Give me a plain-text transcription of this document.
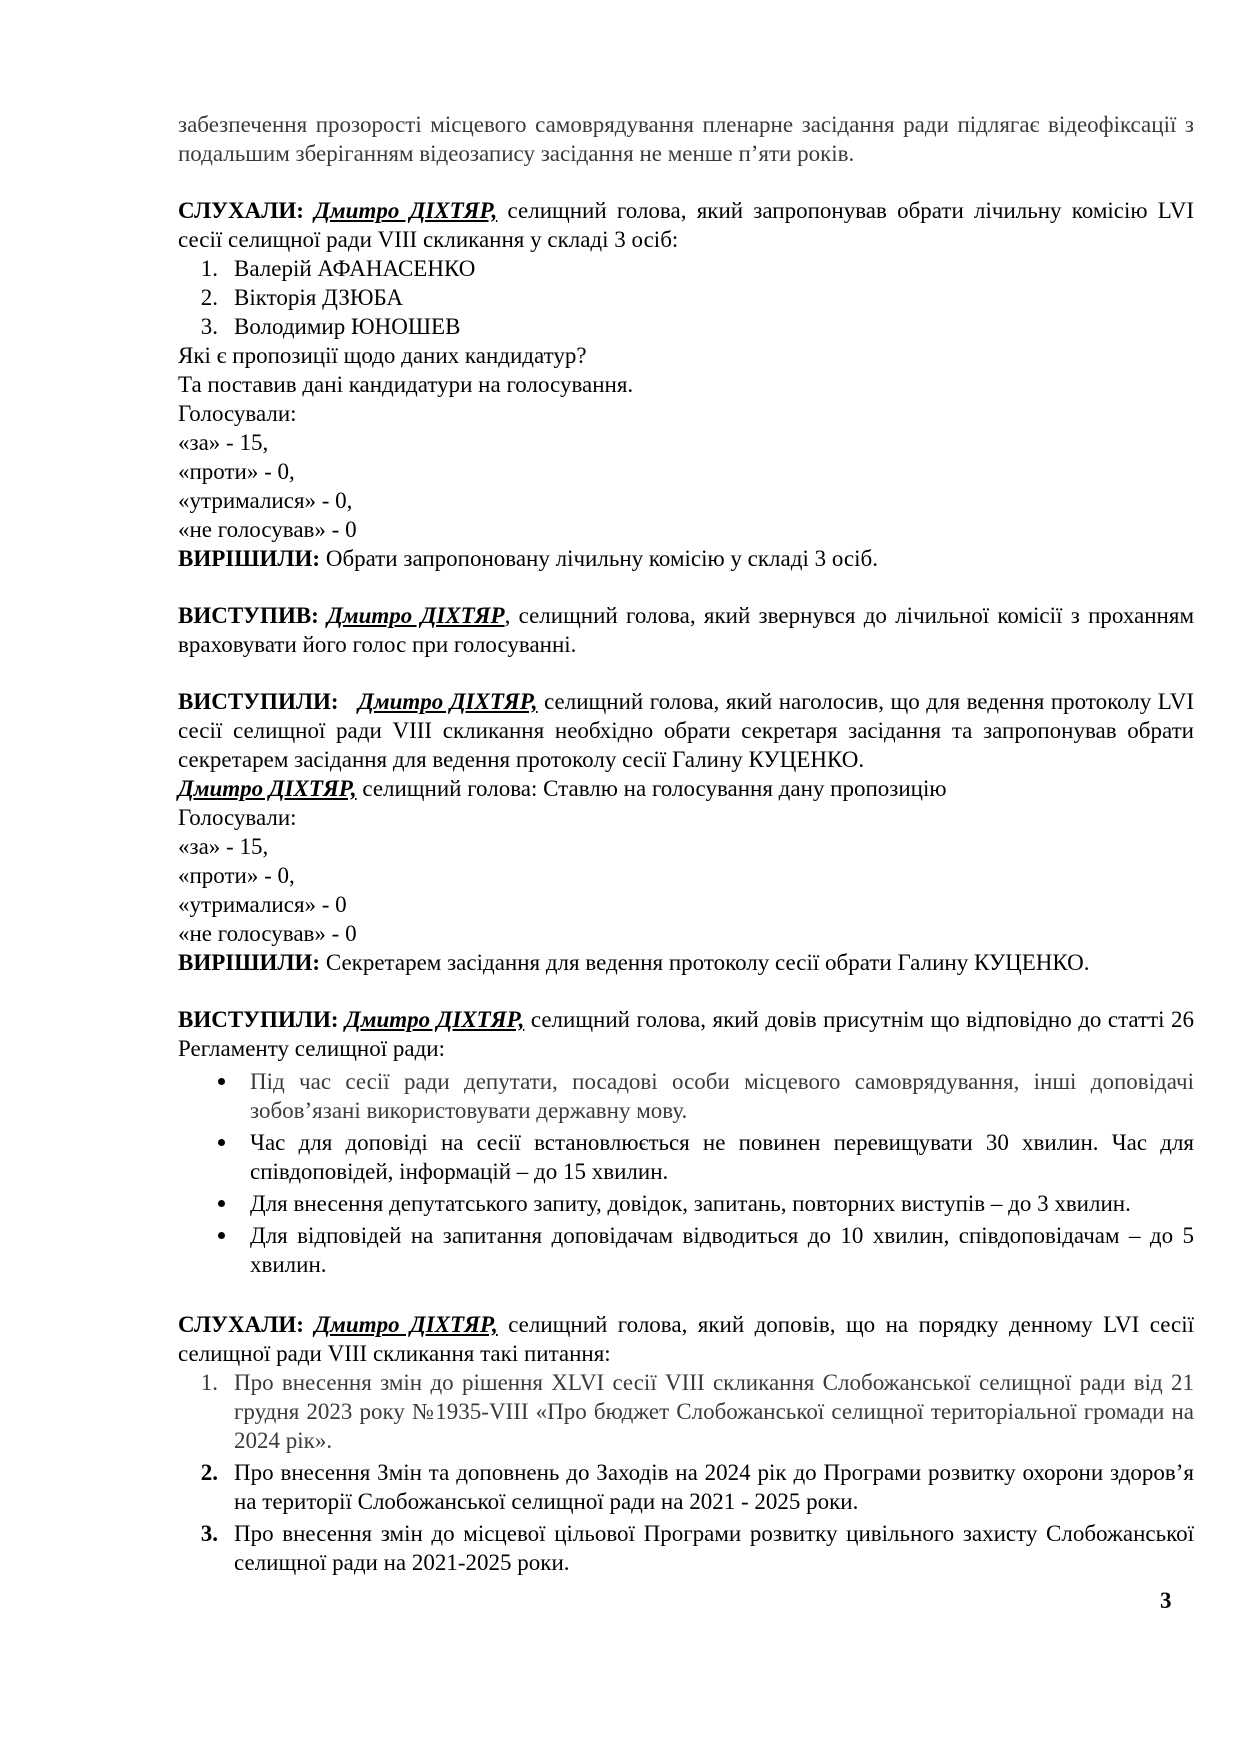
забезпечення прозорості місцевого самоврядування пленарне засідання ради підлягає відеофіксації з подальшим зберіганням відеозапису засідання не менше п’яти років.

СЛУХАЛИ: Дмитро ДІХТЯР, селищний голова, який запропонував обрати лічильну комісію LVI сесії селищної ради VIII скликання у складі 3 осіб:

1. Валерій АФАНАСЕНКО
2. Вікторія ДЗЮБА
3. Володимир ЮНОШЕВ
Які є пропозиції щодо даних кандидатур?
Та поставив дані кандидатури на голосування.
Голосували:
«за» - 15,
«проти» - 0,
«утрималися» - 0,
«не голосував» - 0
ВИРІШИЛИ: Обрати запропоновану лічильну комісію у складі 3 осіб.

ВИСТУПИВ: Дмитро ДІХТЯР, селищний голова, який звернувся до лічильної комісії з проханням враховувати його голос при голосуванні.

ВИСТУПИЛИ: Дмитро ДІХТЯР, селищний голова, який наголосив, що для ведення протоколу LVI сесії селищної ради VIII скликання необхідно обрати секретаря засідання та запропонував обрати секретарем засідання для ведення протоколу сесії Галину КУЦЕНКО.

Дмитро ДІХТЯР, селищний голова: Ставлю на голосування дану пропозицію
Голосували:
«за» - 15,
«проти» - 0,
«утрималися» - 0
«не голосував» - 0
ВИРІШИЛИ: Секретарем засідання для ведення протоколу сесії обрати Галину КУЦЕНКО.

ВИСТУПИЛИ: Дмитро ДІХТЯР, селищний голова, який довів присутнім що відповідно до статті 26 Регламенту селищної ради:

Під час сесії ради депутати, посадові особи місцевого самоврядування, інші доповідачі зобов’язані використовувати державну мову.
Час для доповіді на сесії встановлюється не повинен перевищувати 30 хвилин. Час для співдоповідей, інформацій – до 15 хвилин.
Для внесення депутатського запиту, довідок, запитань, повторних виступів – до 3 хвилин.
Для відповідей на запитання доповідачам відводиться до 10 хвилин, співдоповідачам – до 5 хвилин.

СЛУХАЛИ: Дмитро ДІХТЯР, селищний голова, який доповів, що на порядку денному LVI сесії селищної ради VIII скликання такі питання:

1. Про внесення змін до рішення XLVI сесії VIII скликання Слобожанської селищної ради від 21 грудня 2023 року №1935-VIII «Про бюджет Слобожанської селищної територіальної громади на 2024 рік».
2. Про внесення Змін та доповнень до Заходів на 2024 рік до Програми розвитку охорони здоров’я на території Слобожанської селищної ради на 2021 - 2025 роки.
3. Про внесення змін до місцевої цільової Програми розвитку цивільного захисту Слобожанської селищної ради на 2021-2025 роки.
3
